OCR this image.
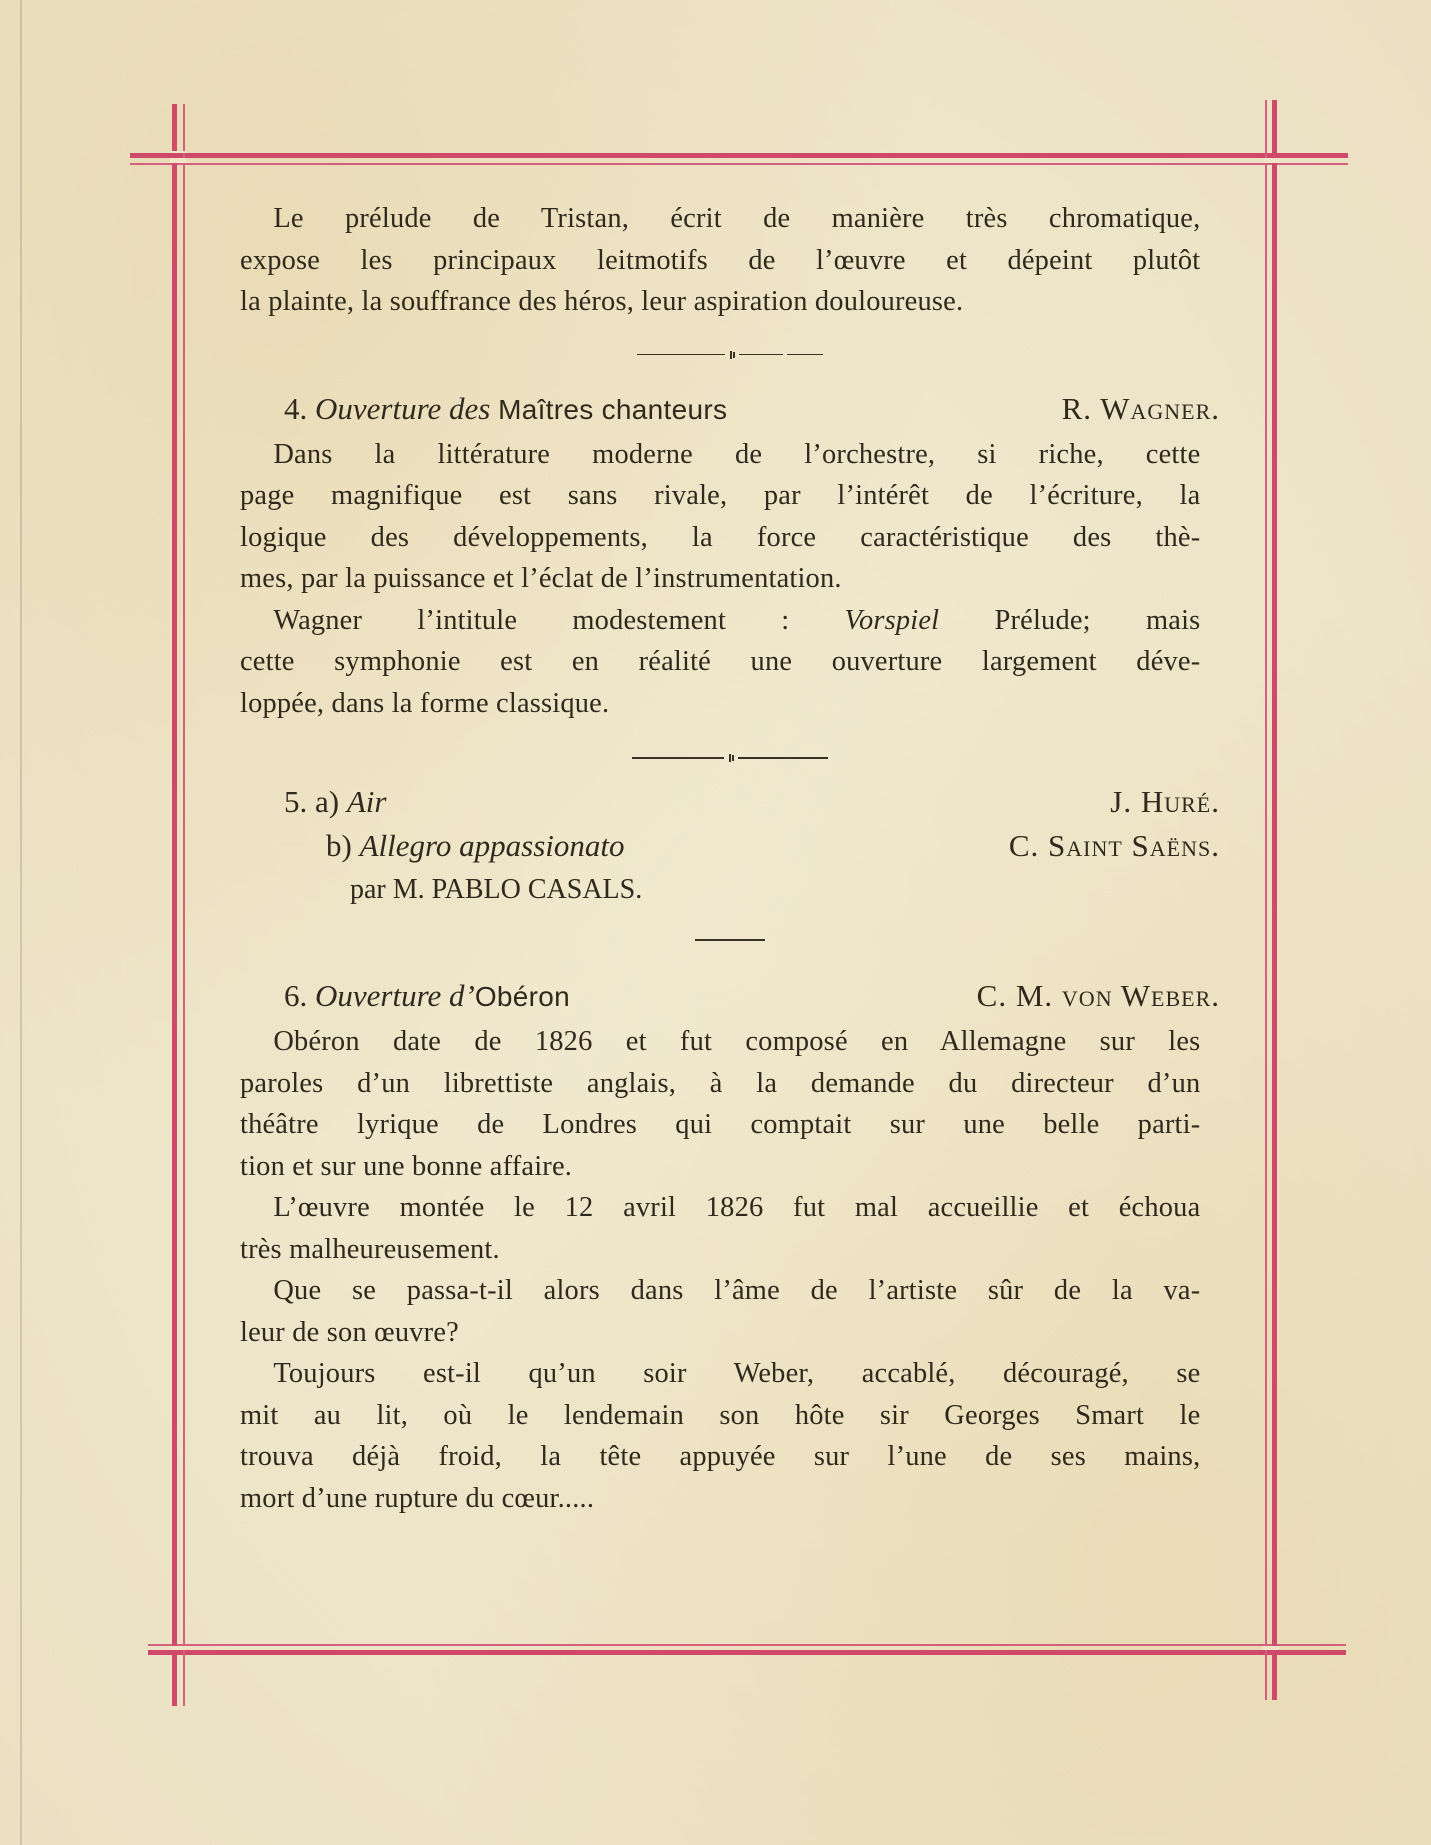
Le prélude de Tristan, écrit de manière très chromatique,
expose les principaux leitmotifs de l’œuvre et dépeint plutôt
la plainte, la souffrance des héros, leur aspiration douloureuse.
4. Ouverture des Maîtres chanteurs	R. Wagner.
Dans la littérature moderne de l’orchestre, si riche, cette
page magnifique est sans rivale, par l’intérêt de l’écriture, la
logique des développements, la force caractéristique des thè-
mes, par la puissance et l’éclat de l’instrumentation.
Wagner l’intitule modestement : Vorspiel Prélude; mais
cette symphonie est en réalité une ouverture largement déve-
loppée, dans la forme classique.
5. a) Air	J. Huré.
b) Allegro appassionato	C. Saint Saëns.
par M. PABLO CASALS.
6. Ouverture d’Obéron	C. M. von Weber.
Obéron date de 1826 et fut composé en Allemagne sur les
paroles d’un librettiste anglais, à la demande du directeur d’un
théâtre lyrique de Londres qui comptait sur une belle parti-
tion et sur une bonne affaire.
L’œuvre montée le 12 avril 1826 fut mal accueillie et échoua
très malheureusement.
Que se passa-t-il alors dans l’âme de l’artiste sûr de la va-
leur de son œuvre?
Toujours est-il qu’un soir Weber, accablé, découragé, se
mit au lit, où le lendemain son hôte sir Georges Smart le
trouva déjà froid, la tête appuyée sur l’une de ses mains,
mort d’une rupture du cœur.....
